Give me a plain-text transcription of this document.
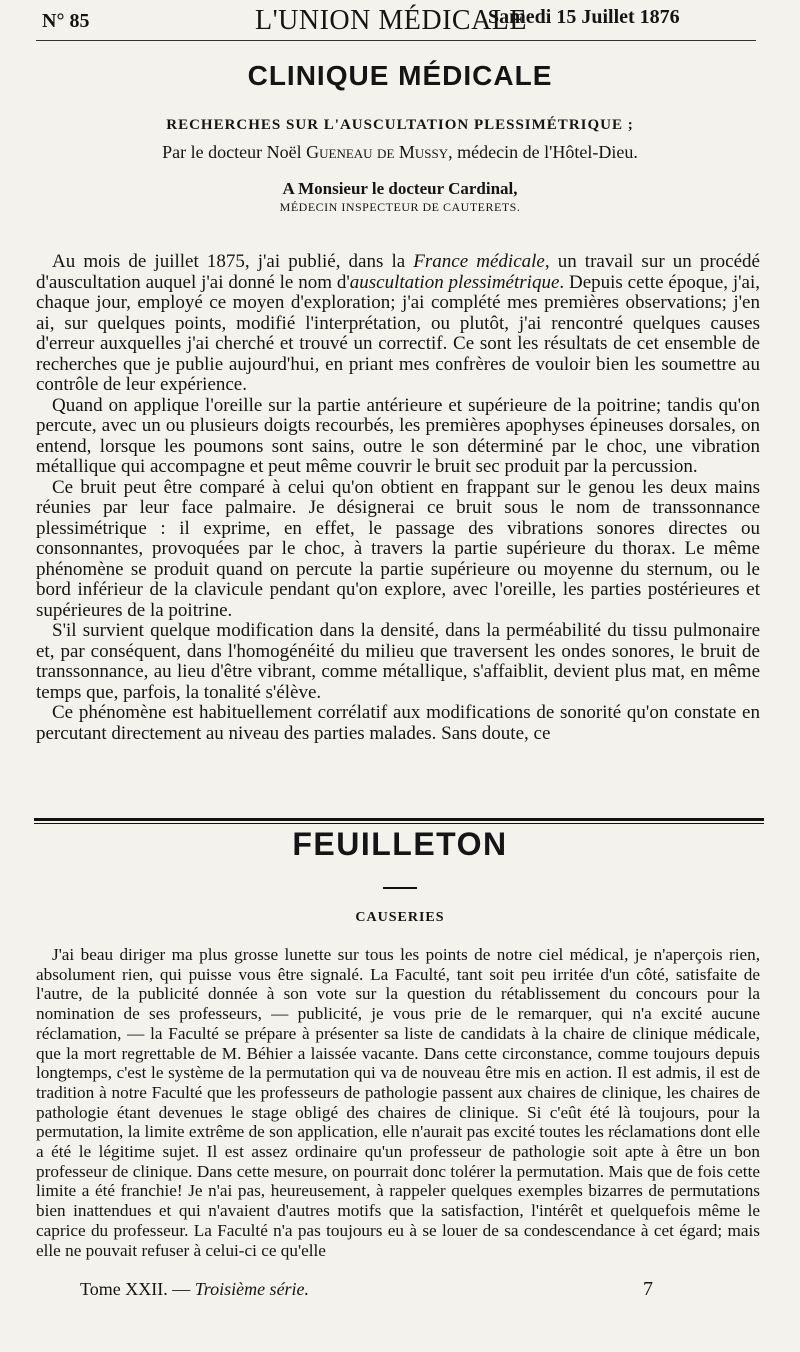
N° 85	L'UNION MÉDICALE
Samedi 15 Juillet 1876
CLINIQUE MÉDICALE
RECHERCHES SUR L'AUSCULTATION PLESSIMÉTRIQUE ;
Par le docteur Noël Gueneau de Mussy, médecin de l'Hôtel-Dieu.
A Monsieur le docteur Cardinal,
MÉDECIN INSPECTEUR DE CAUTERETS.

Au mois de juillet 1875, j'ai publié, dans la France médicale, un travail sur un procédé d'auscultation auquel j'ai donné le nom d'auscultation plessimétrique. Depuis cette époque, j'ai, chaque jour, employé ce moyen d'exploration; j'ai complété mes premières observations; j'en ai, sur quelques points, modifié l'interprétation, ou plutôt, j'ai rencontré quelques causes d'erreur auxquelles j'ai cherché et trouvé un correctif. Ce sont les résultats de cet ensemble de recherches que je publie aujourd'hui, en priant mes confrères de vouloir bien les soumettre au contrôle de leur expérience.

Quand on applique l'oreille sur la partie antérieure et supérieure de la poitrine; tandis qu'on percute, avec un ou plusieurs doigts recourbés, les premières apophyses épineuses dorsales, on entend, lorsque les poumons sont sains, outre le son déterminé par le choc, une vibration métallique qui accompagne et peut même couvrir le bruit sec produit par la percussion.

Ce bruit peut être comparé à celui qu'on obtient en frappant sur le genou les deux mains réunies par leur face palmaire. Je désignerai ce bruit sous le nom de transsonnance plessimétrique : il exprime, en effet, le passage des vibrations sonores directes ou consonnantes, provoquées par le choc, à travers la partie supérieure du thorax. Le même phénomène se produit quand on percute la partie supérieure ou moyenne du sternum, ou le bord inférieur de la clavicule pendant qu'on explore, avec l'oreille, les parties postérieures et supérieures de la poitrine.

S'il survient quelque modification dans la densité, dans la perméabilité du tissu pulmonaire et, par conséquent, dans l'homogénéité du milieu que traversent les ondes sonores, le bruit de transsonnance, au lieu d'être vibrant, comme métallique, s'affaiblit, devient plus mat, en même temps que, parfois, la tonalité s'élève.

Ce phénomène est habituellement corrélatif aux modifications de sonorité qu'on constate en percutant directement au niveau des parties malades. Sans doute, ce

FEUILLETON
CAUSERIES

J'ai beau diriger ma plus grosse lunette sur tous les points de notre ciel médical, je n'aperçois rien, absolument rien, qui puisse vous être signalé. La Faculté, tant soit peu irritée d'un côté, satisfaite de l'autre, de la publicité donnée à son vote sur la question du rétablissement du concours pour la nomination de ses professeurs, — publicité, je vous prie de le remarquer, qui n'a excité aucune réclamation, — la Faculté se prépare à présenter sa liste de candidats à la chaire de clinique médicale, que la mort regrettable de M. Béhier a laissée vacante. Dans cette circonstance, comme toujours depuis longtemps, c'est le système de la permutation qui va de nouveau être mis en action. Il est admis, il est de tradition à notre Faculté que les professeurs de pathologie passent aux chaires de clinique, les chaires de pathologie étant devenues le stage obligé des chaires de clinique. Si c'eût été là toujours, pour la permutation, la limite extrême de son application, elle n'aurait pas excité toutes les réclamations dont elle a été le légitime sujet. Il est assez ordinaire qu'un professeur de pathologie soit apte à être un bon professeur de clinique. Dans cette mesure, on pourrait donc tolérer la permutation. Mais que de fois cette limite a été franchie! Je n'ai pas, heureusement, à rappeler quelques exemples bizarres de permutations bien inattendues et qui n'avaient d'autres motifs que la satisfaction, l'intérêt et quelquefois même le caprice du professeur. La Faculté n'a pas toujours eu à se louer de sa condescendance à cet égard; mais elle ne pouvait refuser à celui-ci ce qu'elle

Tome XXII. — Troisième série.	7
